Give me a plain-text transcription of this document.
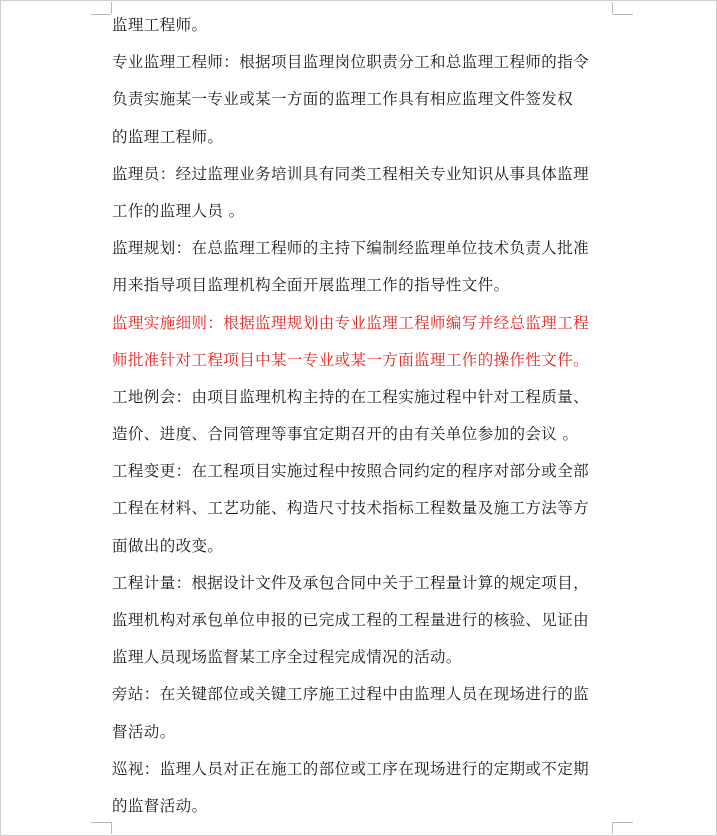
监理工程师。
专业监理工程师：根据项目监理岗位职责分工和总监理工程师的指令
负责实施某一专业或某一方面的监理工作具有相应监理文件签发权
的监理工程师。
监理员：经过监理业务培训具有同类工程相关专业知识从事具体监理
工作的监理人员 。
监理规划：在总监理工程师的主持下编制经监理单位技术负责人批准
用来指导项目监理机构全面开展监理工作的指导性文件。
监理实施细则：根据监理规划由专业监理工程师编写并经总监理工程
师批准针对工程项目中某一专业或某一方面监理工作的操作性文件。
工地例会：由项目监理机构主持的在工程实施过程中针对工程质量、
造价、进度、合同管理等事宜定期召开的由有关单位参加的会议 。
工程变更：在工程项目实施过程中按照合同约定的程序对部分或全部
工程在材料、工艺功能、构造尺寸技术指标工程数量及施工方法等方
面做出的改变。
工程计量：根据设计文件及承包合同中关于工程量计算的规定项目，
监理机构对承包单位申报的已完成工程的工程量进行的核验、见证由
监理人员现场监督某工序全过程完成情况的活动。
旁站：在关键部位或关键工序施工过程中由监理人员在现场进行的监
督活动。
巡视：监理人员对正在施工的部位或工序在现场进行的定期或不定期
的监督活动。
